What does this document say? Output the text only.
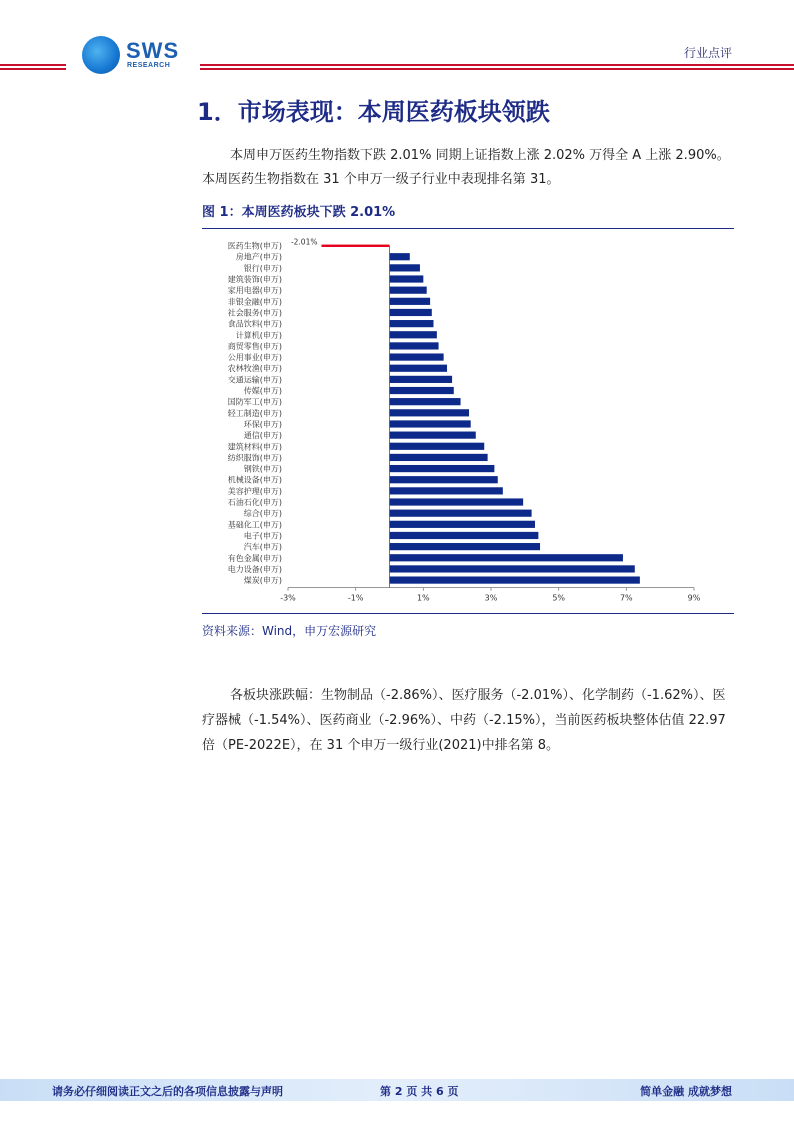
SWS
RESEARCH
行业点评
1．市场表现：本周医药板块领跌
本周申万医药生物指数下跌 2.01% 同期上证指数上涨 2.02% 万得全 A 上涨 2.90%。本周医药生物指数在 31 个申万一级子行业中表现排名第 31。
图 1：本周医药板块下跌 2.01%
医药生物(申万) -2.01%
房地产(申万)
银行(申万)
建筑装饰(申万)
家用电器(申万)
非银金融(申万)
社会服务(申万)
食品饮料(申万)
计算机(申万)
商贸零售(申万)
公用事业(申万)
农林牧渔(申万)
交通运输(申万)
传媒(申万)
国防军工(申万)
轻工制造(申万)
环保(申万)
通信(申万)
建筑材料(申万)
纺织服饰(申万)
钢铁(申万)
机械设备(申万)
美容护理(申万)
石油石化(申万)
综合(申万)
基础化工(申万)
电子(申万)
汽车(申万)
有色金属(申万)
电力设备(申万)
煤炭(申万)
-3%	-1%	1%	3%	5%	7%	9%
资料来源：Wind，申万宏源研究
各板块涨跌幅：生物制品（-2.86%）、医疗服务（-2.01%）、化学制药（-1.62%）、医疗器械（-1.54%）、医药商业（-2.96%）、中药（-2.15%），当前医药板块整体估值 22.97 倍（PE-2022E），在 31 个申万一级行业(2021)中排名第 8。
请务必仔细阅读正文之后的各项信息披露与声明	第 2 页 共 6 页	简单金融 成就梦想
